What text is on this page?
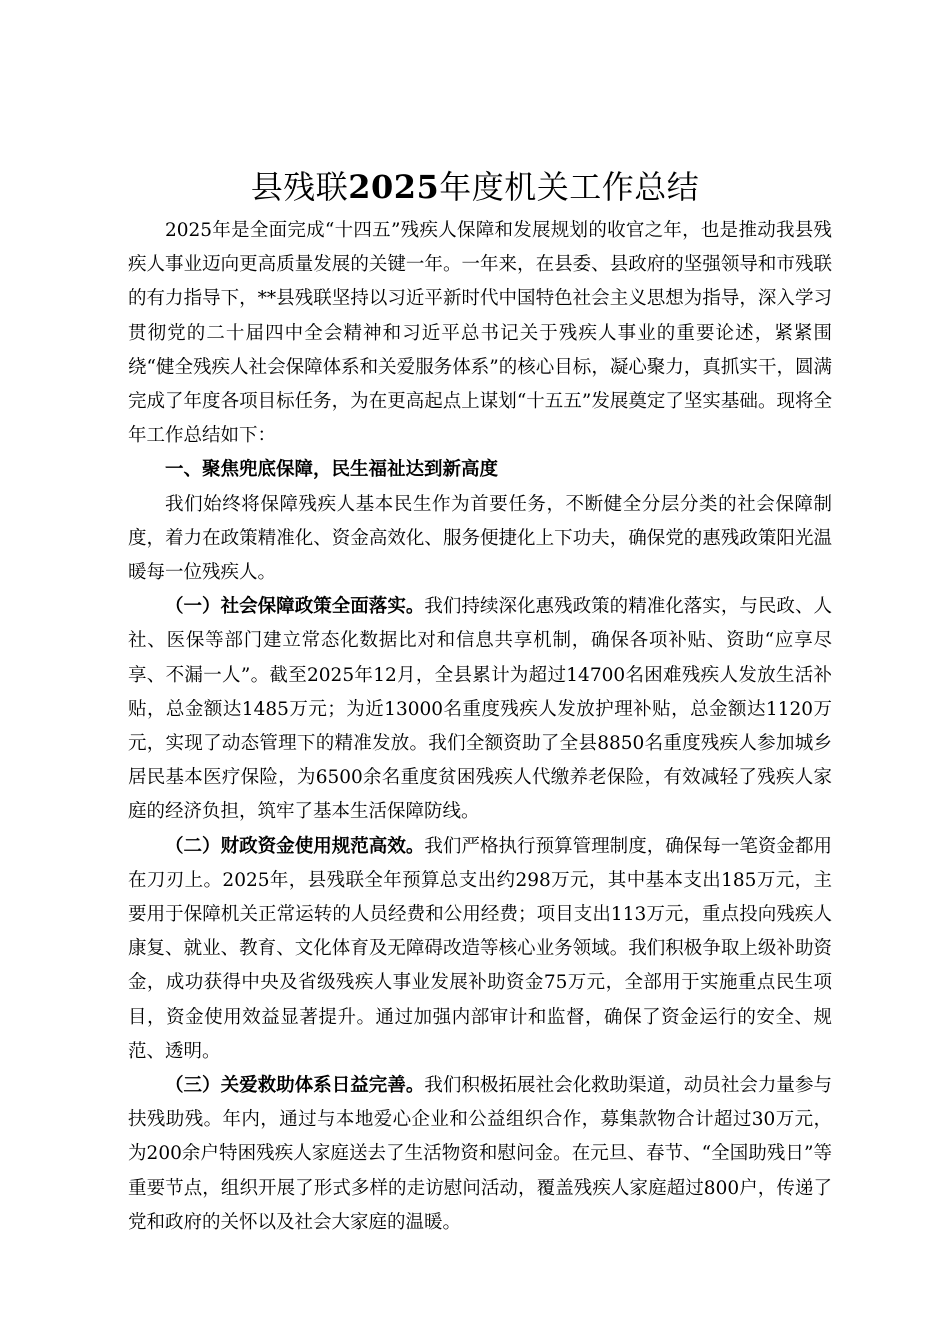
县残联2025年度机关工作总结

2025年是全面完成“十四五”残疾人保障和发展规划的收官之年，也是推动我县残疾人事业迈向更高质量发展的关键一年。一年来，在县委、县政府的坚强领导和市残联的有力指导下，**县残联坚持以习近平新时代中国特色社会主义思想为指导，深入学习贯彻党的二十届四中全会精神和习近平总书记关于残疾人事业的重要论述，紧紧围绕“健全残疾人社会保障体系和关爱服务体系”的核心目标，凝心聚力，真抓实干，圆满完成了年度各项目标任务，为在更高起点上谋划“十五五”发展奠定了坚实基础。现将全年工作总结如下：

一、聚焦兜底保障，民生福祉达到新高度

我们始终将保障残疾人基本民生作为首要任务，不断健全分层分类的社会保障制度，着力在政策精准化、资金高效化、服务便捷化上下功夫，确保党的惠残政策阳光温暖每一位残疾人。

（一）社会保障政策全面落实。我们持续深化惠残政策的精准化落实，与民政、人社、医保等部门建立常态化数据比对和信息共享机制，确保各项补贴、资助“应享尽享、不漏一人”。截至2025年12月，全县累计为超过14700名困难残疾人发放生活补贴，总金额达1485万元；为近13000名重度残疾人发放护理补贴，总金额达1120万元，实现了动态管理下的精准发放。我们全额资助了全县8850名重度残疾人参加城乡居民基本医疗保险，为6500余名重度贫困残疾人代缴养老保险，有效减轻了残疾人家庭的经济负担，筑牢了基本生活保障防线。

（二）财政资金使用规范高效。我们严格执行预算管理制度，确保每一笔资金都用在刀刃上。2025年，县残联全年预算总支出约298万元，其中基本支出185万元，主要用于保障机关正常运转的人员经费和公用经费；项目支出113万元，重点投向残疾人康复、就业、教育、文化体育及无障碍改造等核心业务领域。我们积极争取上级补助资金，成功获得中央及省级残疾人事业发展补助资金75万元，全部用于实施重点民生项目，资金使用效益显著提升。通过加强内部审计和监督，确保了资金运行的安全、规范、透明。

（三）关爱救助体系日益完善。我们积极拓展社会化救助渠道，动员社会力量参与扶残助残。年内，通过与本地爱心企业和公益组织合作，募集款物合计超过30万元，为200余户特困残疾人家庭送去了生活物资和慰问金。在元旦、春节、“全国助残日”等重要节点，组织开展了形式多样的走访慰问活动，覆盖残疾人家庭超过800户，传递了党和政府的关怀以及社会大家庭的温暖。
